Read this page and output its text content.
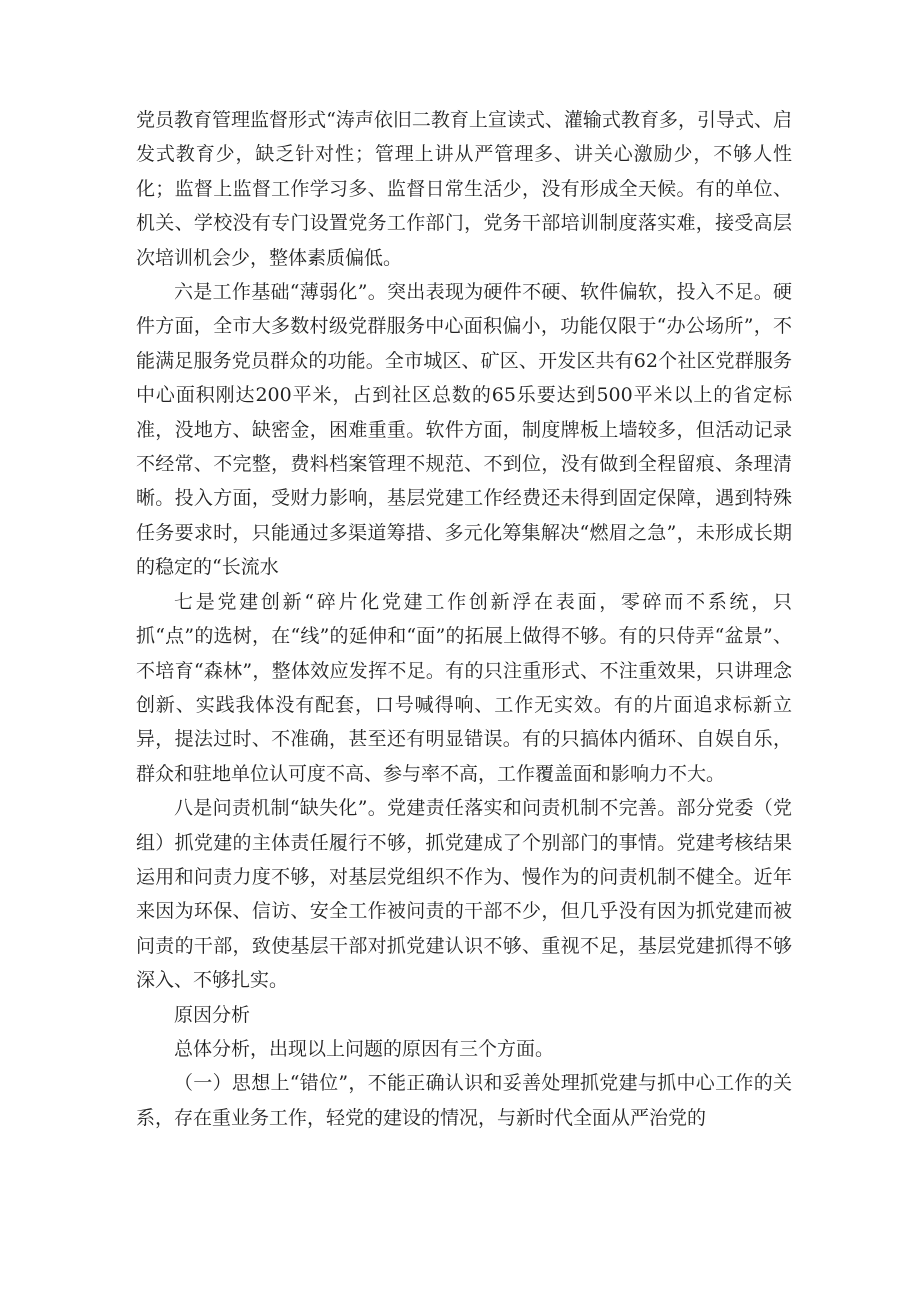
党员教育管理监督形式“涛声依旧二教育上宣读式、灌输式教育多，引导式、启发式教育少，缺乏针对性；管理上讲从严管理多、讲关心激励少，不够人性化；监督上监督工作学习多、监督日常生活少，没有形成全天候。有的单位、机关、学校没有专门设置党务工作部门，党务干部培训制度落实难，接受高层次培训机会少，整体素质偏低。

六是工作基础“薄弱化”。突出表现为硬件不硬、软件偏软，投入不足。硬件方面，全市大多数村级党群服务中心面积偏小，功能仅限于“办公场所”，不能满足服务党员群众的功能。全市城区、矿区、开发区共有62个社区党群服务中心面积刚达200平米，占到社区总数的65乐要达到500平米以上的省定标准，没地方、缺密金，困难重重。软件方面，制度牌板上墙较多，但活动记录不经常、不完整，费料档案管理不规范、不到位，没有做到全程留痕、条理清晰。投入方面，受财力影响，基层党建工作经费还未得到固定保障，遇到特殊任务要求时，只能通过多渠道筹措、多元化筹集解决“燃眉之急”，未形成长期的稳定的“长流水

七是党建创新“碎片化党建工作创新浮在表面，零碎而不系统，只抓“点”的选树，在“线”的延伸和“面”的拓展上做得不够。有的只侍弄“盆景”、不培育“森林”，整体效应发挥不足。有的只注重形式、不注重效果，只讲理念创新、实践我体没有配套，口号喊得响、工作无实效。有的片面追求标新立异，提法过时、不准确，甚至还有明显错误。有的只搞体内循环、自娱自乐，群众和驻地单位认可度不高、参与率不高，工作覆盖面和影响力不大。

八是问责机制“缺失化”。党建责任落实和问责机制不完善。部分党委（党组）抓党建的主体责任履行不够，抓党建成了个别部门的事情。党建考核结果运用和问责力度不够，对基层党组织不作为、慢作为的问责机制不健全。近年来因为环保、信访、安全工作被问责的干部不少，但几乎没有因为抓党建而被问责的干部，致使基层干部对抓党建认识不够、重视不足，基层党建抓得不够深入、不够扎实。

原因分析

总体分析，出现以上问题的原因有三个方面。

（一）思想上“错位”，不能正确认识和妥善处理抓党建与抓中心工作的关系，存在重业务工作，轻党的建设的情况，与新时代全面从严治党的
